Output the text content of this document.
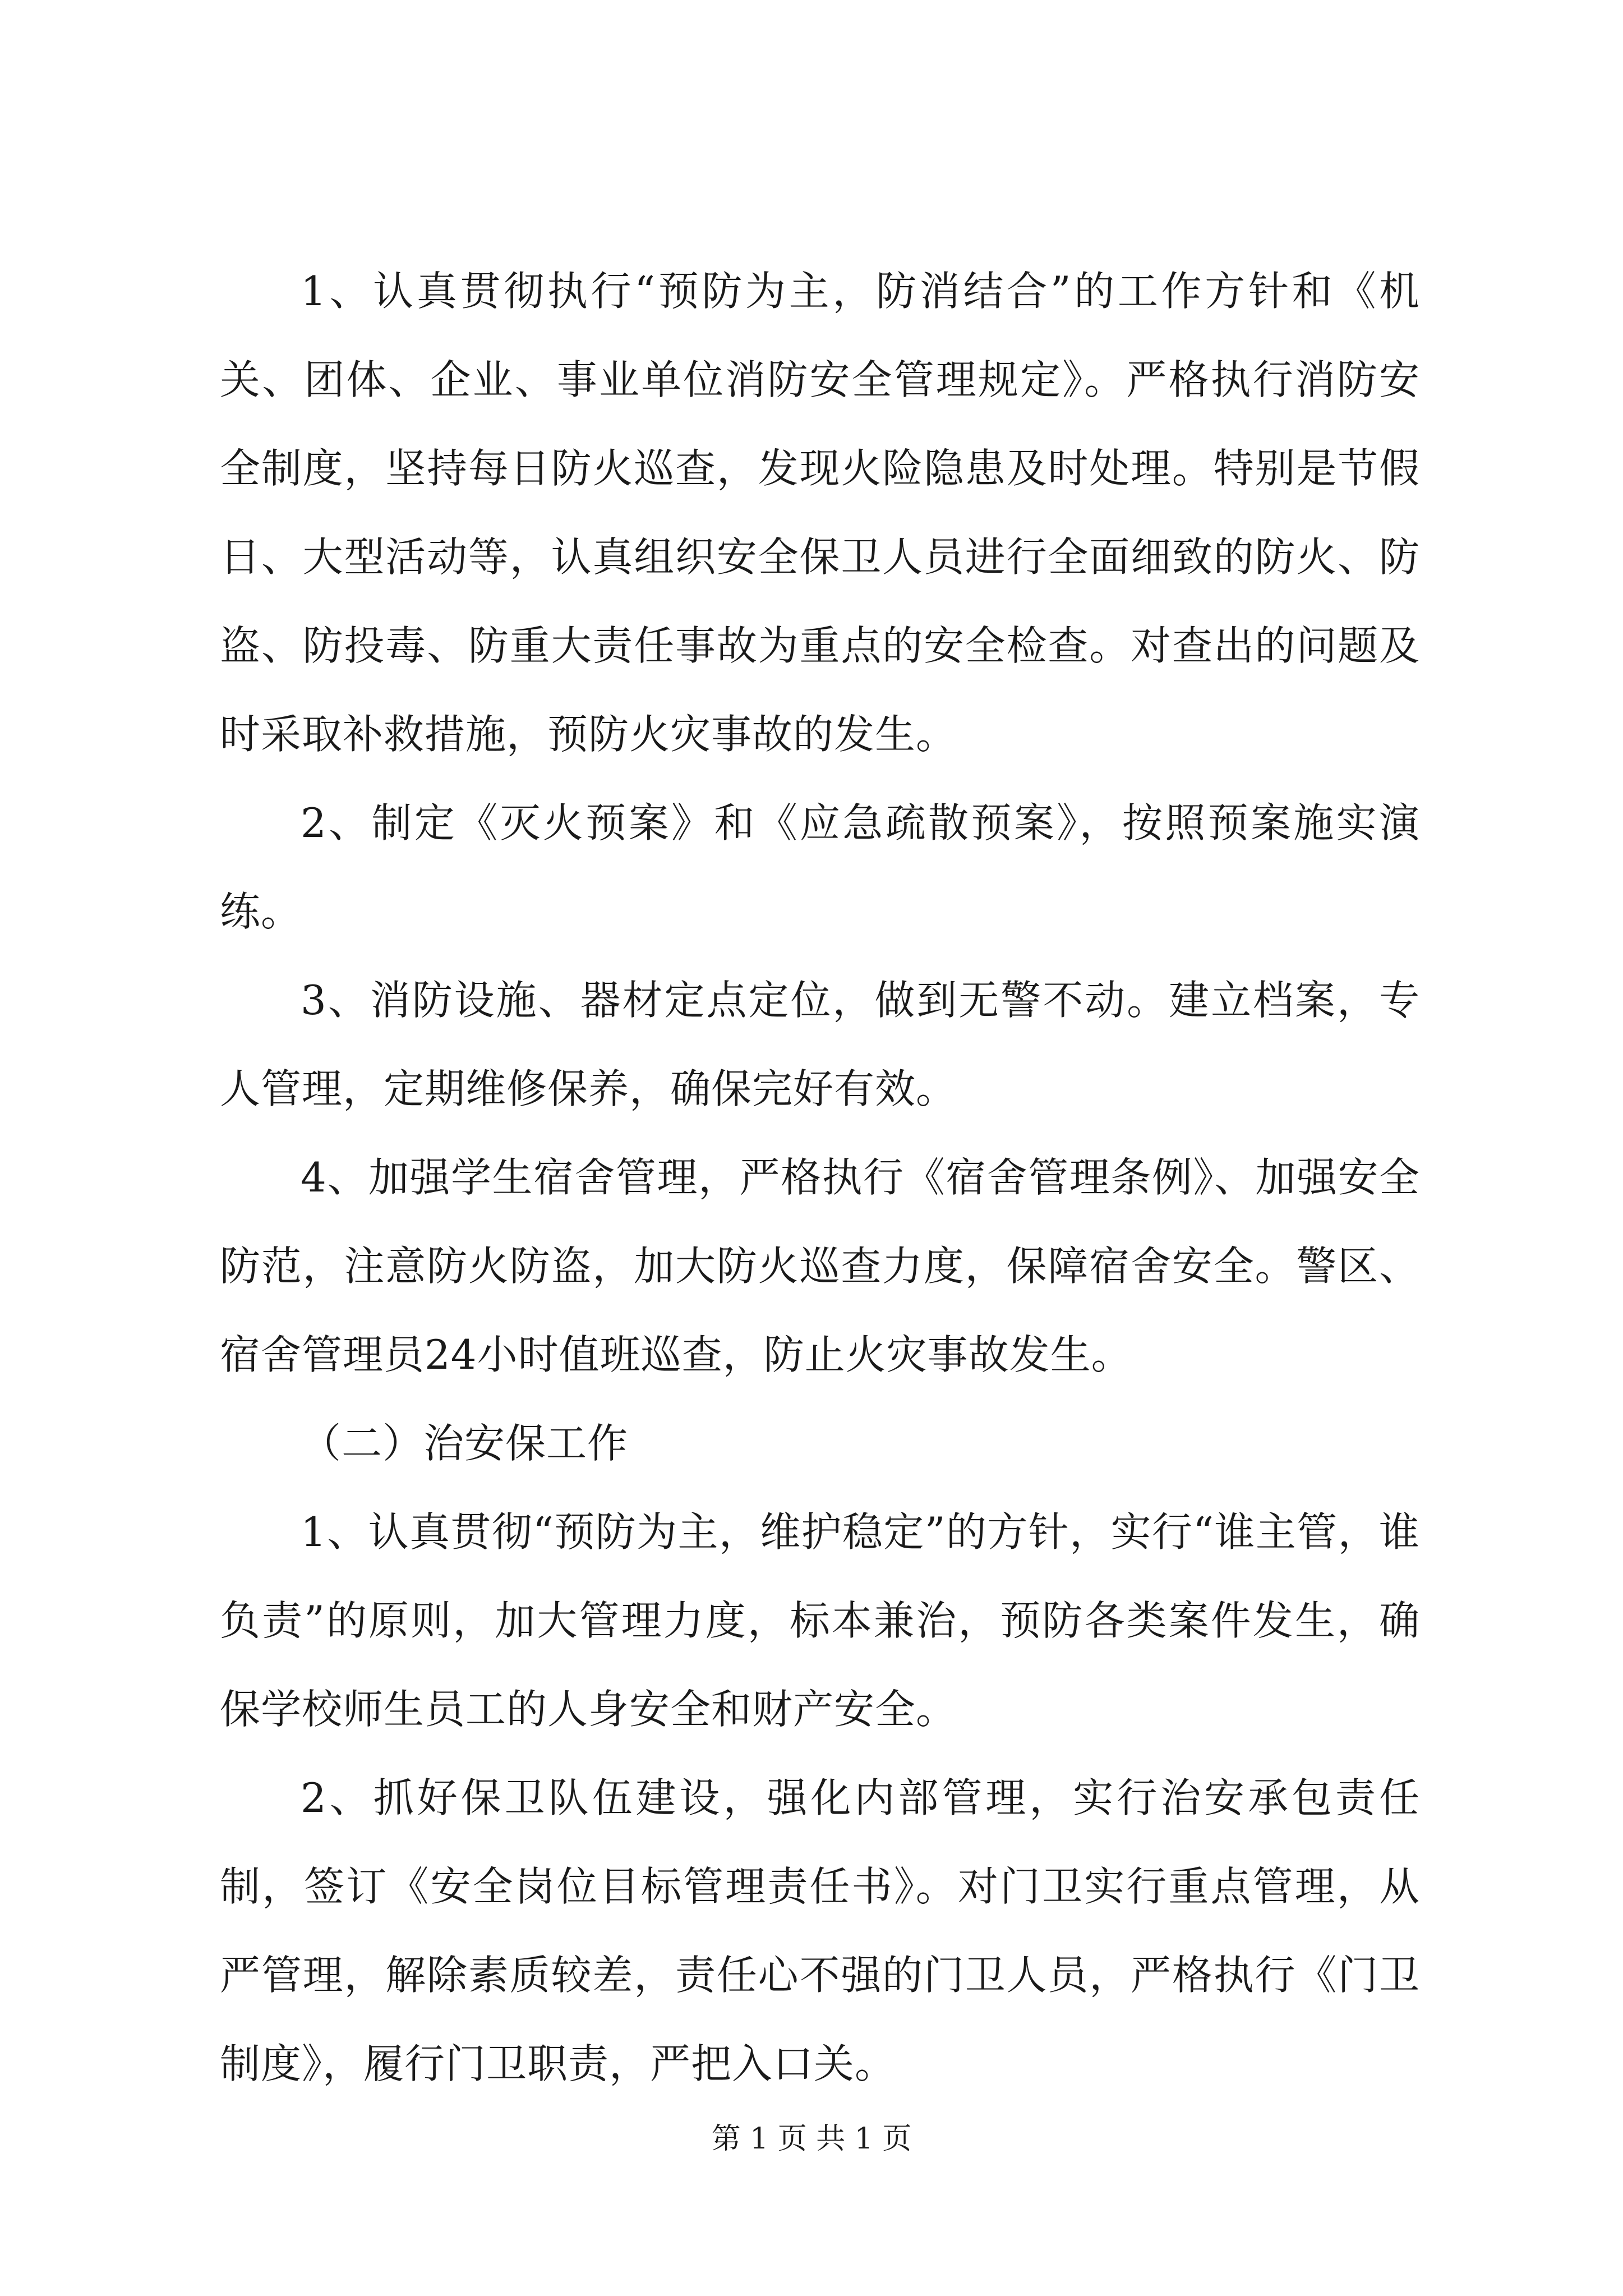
1、认真贯彻执行“预防为主，防消结合”的工作方针和《机关、团体、企业、事业单位消防安全管理规定》。严格执行消防安全制度，坚持每日防火巡查，发现火险隐患及时处理。特别是节假日、大型活动等，认真组织安全保卫人员进行全面细致的防火、防盗、防投毒、防重大责任事故为重点的安全检查。对查出的问题及时采取补救措施，预防火灾事故的发生。

2、制定《灭火预案》和《应急疏散预案》，按照预案施实演练。

3、消防设施、器材定点定位，做到无警不动。建立档案，专人管理，定期维修保养，确保完好有效。

4、加强学生宿舍管理，严格执行《宿舍管理条例》、加强安全防范，注意防火防盗，加大防火巡查力度，保障宿舍安全。警区、宿舍管理员24小时值班巡查，防止火灾事故发生。

（二）治安保工作

1、认真贯彻“预防为主，维护稳定”的方针，实行“谁主管，谁负责”的原则，加大管理力度，标本兼治，预防各类案件发生，确保学校师生员工的人身安全和财产安全。

2、抓好保卫队伍建设，强化内部管理，实行治安承包责任制，签订《安全岗位目标管理责任书》。对门卫实行重点管理，从严管理，解除素质较差，责任心不强的门卫人员，严格执行《门卫制度》，履行门卫职责，严把入口关。

第 1 页 共 1 页
